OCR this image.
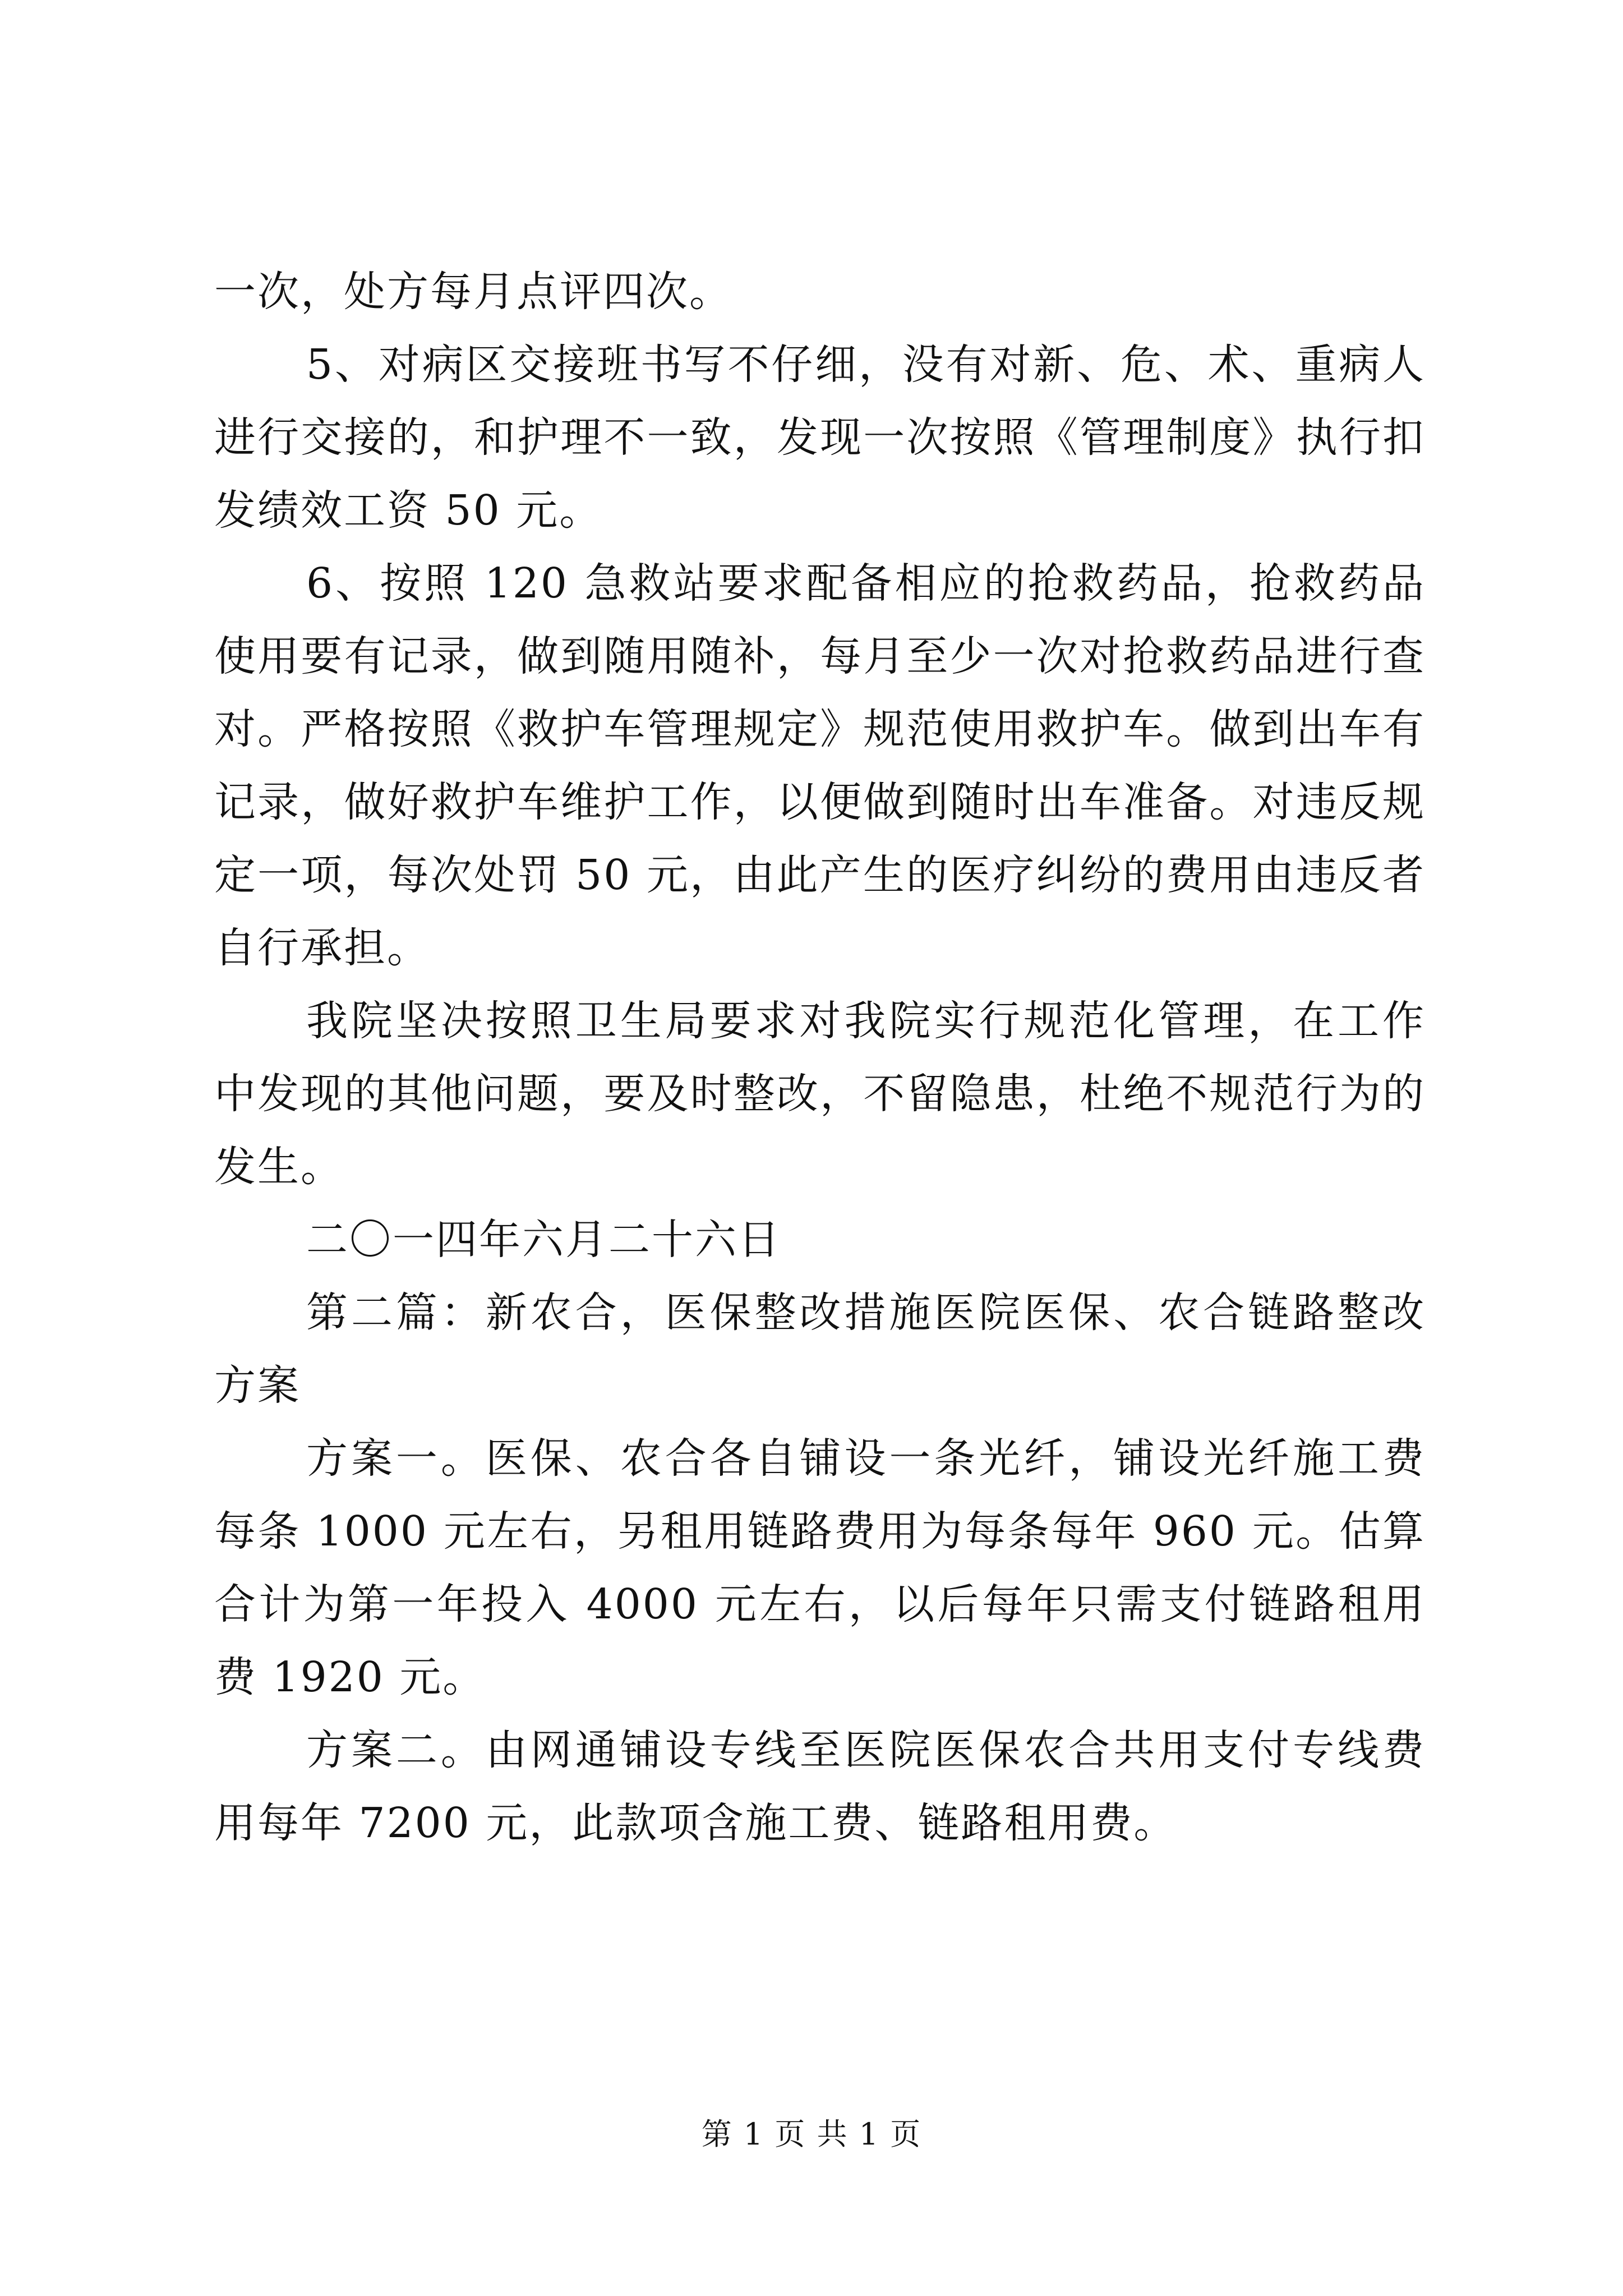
一次，处方每月点评四次。

5、对病区交接班书写不仔细，没有对新、危、术、重病人进行交接的，和护理不一致，发现一次按照《管理制度》执行扣发绩效工资 50 元。

6、按照 120 急救站要求配备相应的抢救药品，抢救药品使用要有记录，做到随用随补，每月至少一次对抢救药品进行查对。严格按照《救护车管理规定》规范使用救护车。做到出车有记录，做好救护车维护工作，以便做到随时出车准备。对违反规定一项，每次处罚 50 元，由此产生的医疗纠纷的费用由违反者自行承担。

我院坚决按照卫生局要求对我院实行规范化管理，在工作中发现的其他问题，要及时整改，不留隐患，杜绝不规范行为的发生。

二〇一四年六月二十六日

第二篇：新农合，医保整改措施医院医保、农合链路整改方案

方案一。医保、农合各自铺设一条光纤，铺设光纤施工费每条 1000 元左右，另租用链路费用为每条每年 960 元。估算合计为第一年投入 4000 元左右，以后每年只需支付链路租用费 1920 元。

方案二。由网通铺设专线至医院医保农合共用支付专线费用每年 7200 元，此款项含施工费、链路租用费。

第 1 页 共 1 页
